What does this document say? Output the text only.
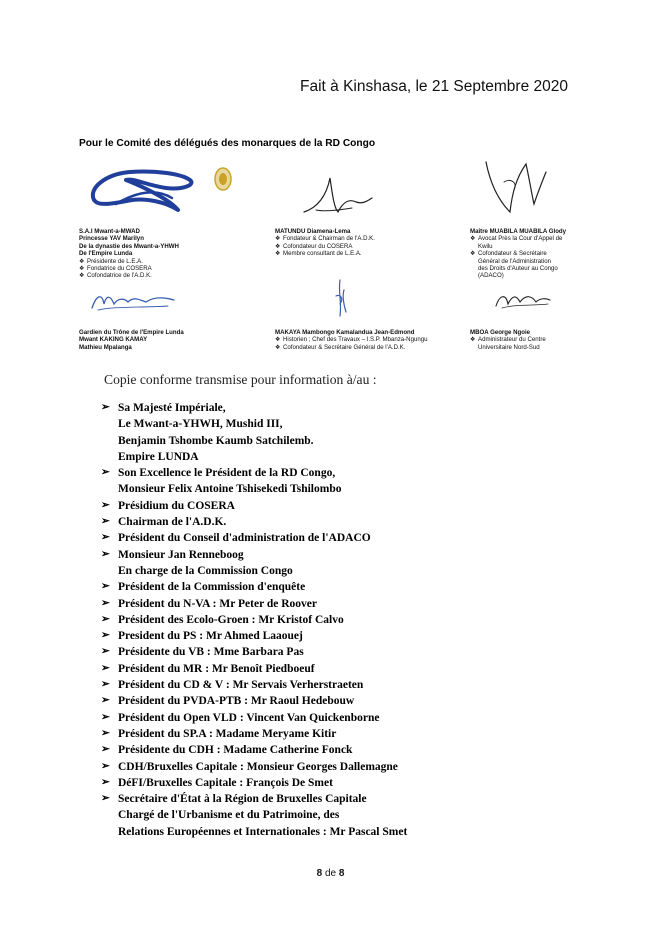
Fait à Kinshasa, le 21 Septembre 2020
Pour le Comité des délégués des monarques de la RD Congo
S.A.I Mwant-a-MWAD
Princesse YAV Marilyn
De la dynastie des Mwant-a-YHWH
De l'Empire Lunda
❖ Présidente de L.E.A.
❖ Fondatrice du COSERA
❖ Cofondatrice de l'A.D.K.
MATUNDU Diamena-Lema
❖ Fondateur & Chairman de l'A.D.K.
❖ Cofondateur du COSERA
❖ Membre consultant de L.E.A.
Maître MUABILA MUABILA Glody
❖ Avocat Près la Cour d'Appel de
Kwilu
❖ Cofondateur & Secrétaire
Général de l'Administration
des Droits d'Auteur au Congo
(ADACO)
Gardien du Trône de l'Empire Lunda
Mwant KAKING KAMAY
Mathieu Mpalanga
MAKAYA Mambongo Kamalandua Jean-Edmond
❖ Historien ; Chef des Travaux – I.S.P. Mbanza-Ngungu
❖ Cofondateur & Secrétaire Général de l'A.D.K.
MBOA George Ngoie
❖ Administrateur du Centre
Universitaire Nord-Sud
Copie conforme transmise pour information à/au :
➢ Sa Majesté Impériale,
Le Mwant-a-YHWH, Mushid III,
Benjamin Tshombe Kaumb Satchilemb.
Empire LUNDA
➢ Son Excellence le Président de la RD Congo,
Monsieur Felix Antoine Tshisekedi Tshilombo
➢ Présidium du COSERA
➢ Chairman de l'A.D.K.
➢ Président du Conseil d'administration de l'ADACO
➢ Monsieur Jan Renneboog
En charge de la Commission Congo
➢ Président de la Commission d'enquête
➢ Président du N-VA : Mr Peter de Roover
➢ Président des Ecolo-Groen : Mr Kristof Calvo
➢ President du PS : Mr Ahmed Laaouej
➢ Présidente du VB : Mme Barbara Pas
➢ Président du MR : Mr Benoît Piedboeuf
➢ Président du CD & V : Mr Servais Verherstraeten
➢ Président du PVDA-PTB : Mr Raoul Hedebouw
➢ Président du Open VLD : Vincent Van Quickenborne
➢ Président du SP.A : Madame Meryame Kitir
➢ Présidente du CDH : Madame Catherine Fonck
➢ CDH/Bruxelles Capitale : Monsieur Georges Dallemagne
➢ DéFI/Bruxelles Capitale : François De Smet
➢ Secrétaire d'État à la Région de Bruxelles Capitale
Chargé de l'Urbanisme et du Patrimoine, des
Relations Européennes et Internationales : Mr Pascal Smet
8 de 8
